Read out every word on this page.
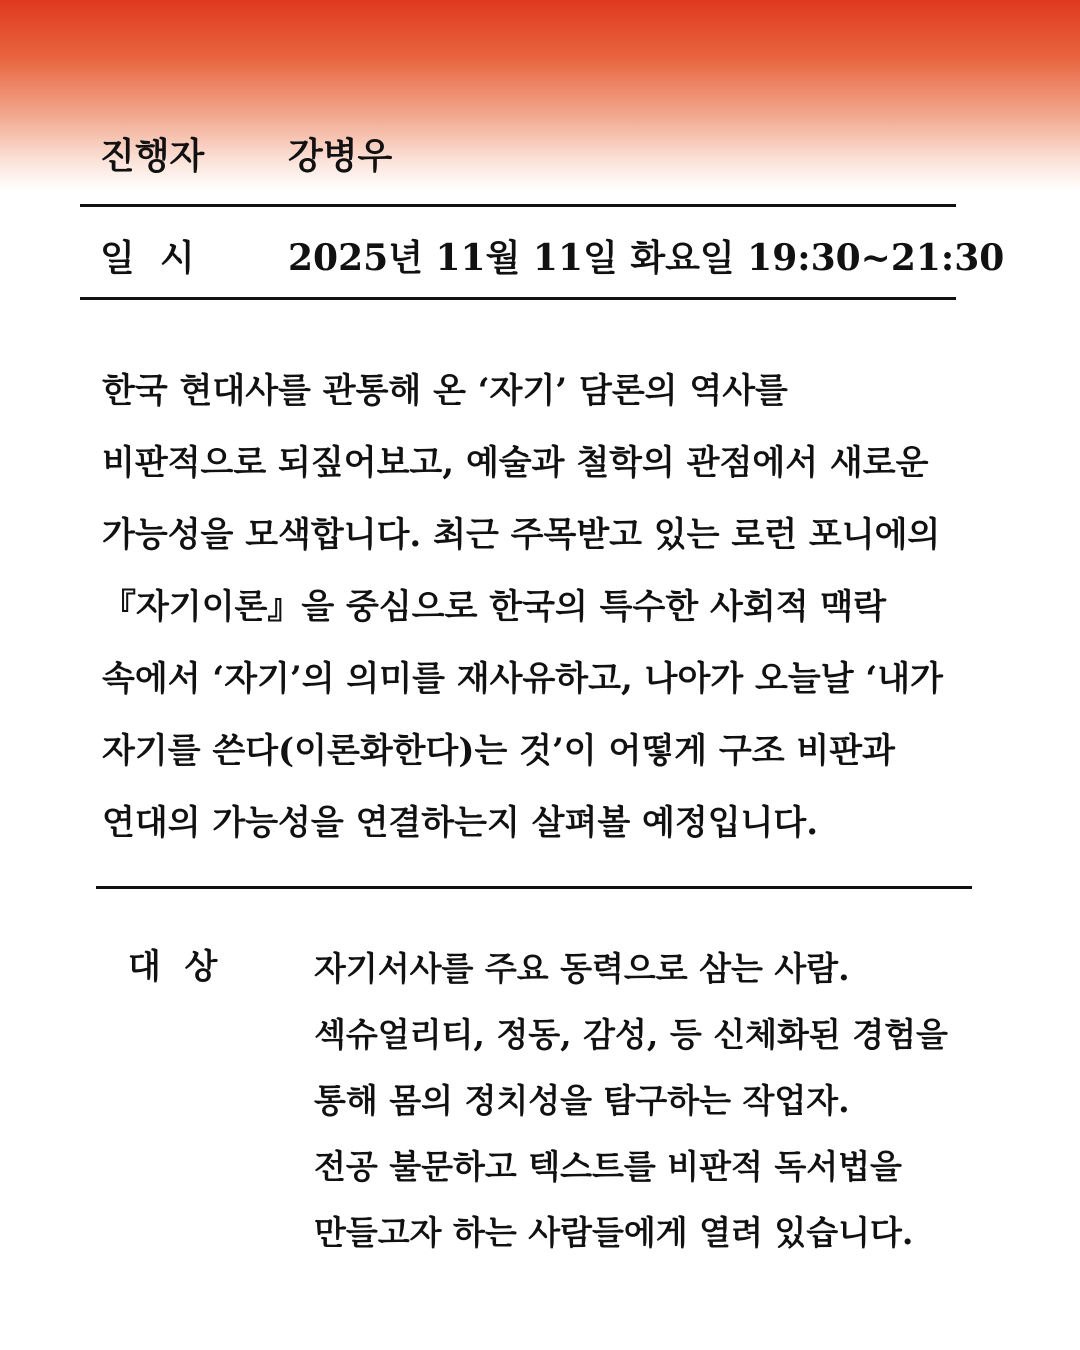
진행자 강병우
일  시	2025년 11월 11일 화요일 19:30~21:30
한국 현대사를 관통해 온 ‘자기’ 담론의 역사를
비판적으로 되짚어보고, 예술과 철학의 관점에서 새로운
가능성을 모색합니다. 최근 주목받고 있는 로런 포니에의
『자기이론』을 중심으로 한국의 특수한 사회적 맥락
속에서 ‘자기’의 의미를 재사유하고, 나아가 오늘날 ‘내가
자기를 쓴다(이론화한다)는 것’이 어떻게 구조 비판과
연대의 가능성을 연결하는지 살펴볼 예정입니다.
대  상	자기서사를 주요 동력으로 삼는 사람.
섹슈얼리티, 정동, 감성, 등 신체화된 경험을
통해 몸의 정치성을 탐구하는 작업자.
전공 불문하고 텍스트를 비판적 독서법을
만들고자 하는 사람들에게 열려 있습니다.
